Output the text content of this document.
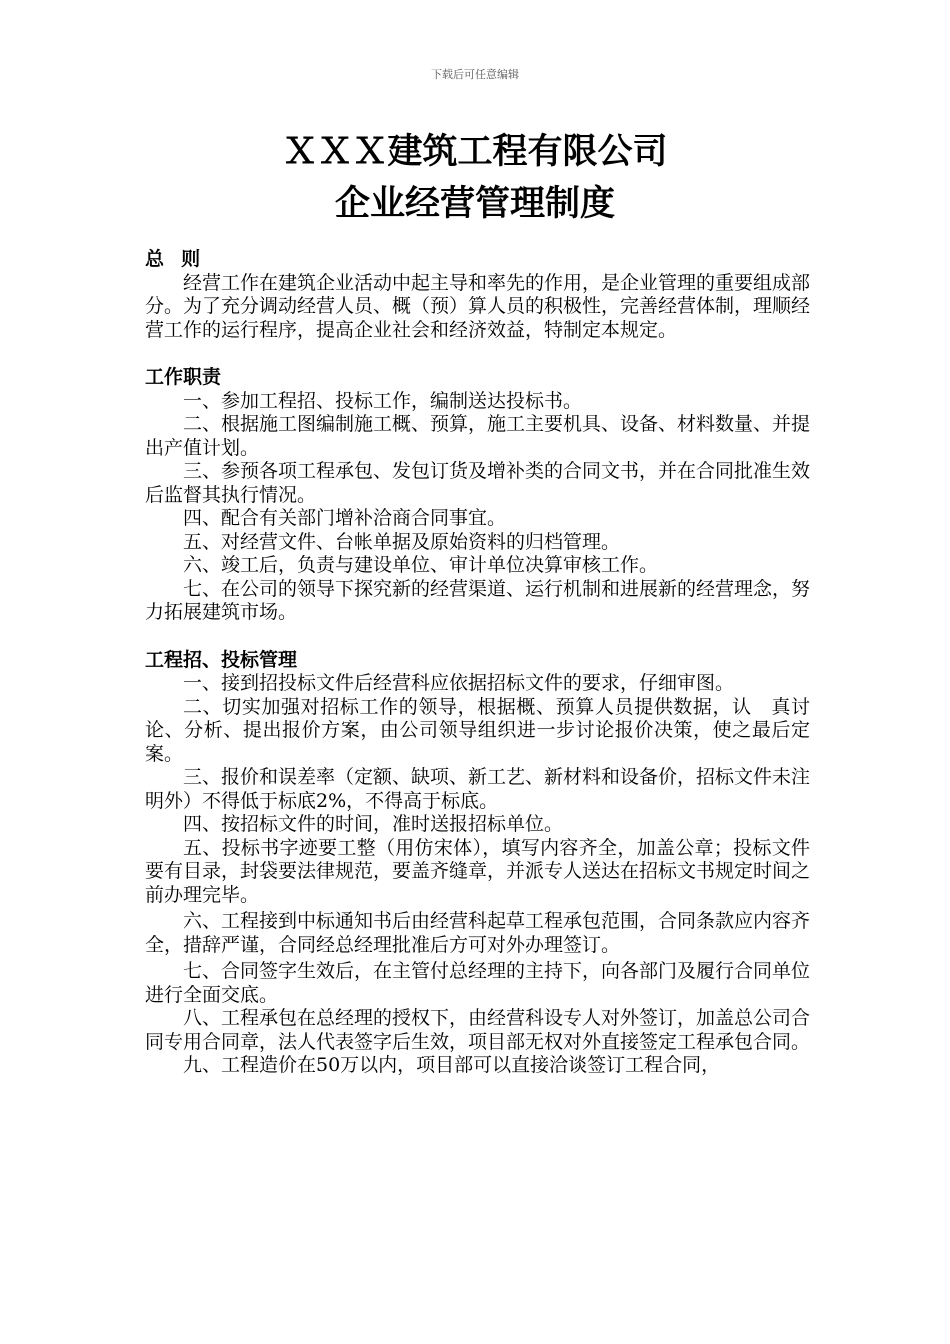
下载后可任意编辑
ＸＸＸ建筑工程有限公司
企业经营管理制度
总则

经营工作在建筑企业活动中起主导和率先的作用，是企业管理的重要组成部分。为了充分调动经营人员、概（预）算人员的积极性，完善经营体制，理顺经营工作的运行程序，提高企业社会和经济效益，特制定本规定。

工作职责

一、参加工程招、投标工作，编制送达投标书。

二、根据施工图编制施工概、预算，施工主要机具、设备、材料数量、并提出产值计划。

三、参预各项工程承包、发包订货及增补类的合同文书，并在合同批准生效后监督其执行情况。

四、配合有关部门增补洽商合同事宜。

五、对经营文件、台帐单据及原始资料的归档管理。

六、竣工后，负责与建设单位、审计单位决算审核工作。

七、在公司的领导下探究新的经营渠道、运行机制和进展新的经营理念，努力拓展建筑市场。

工程招、投标管理

一、接到招投标文件后经营科应依据招标文件的要求，仔细审图。

二、切实加强对招标工作的领导，根据概、预算人员提供数据，认　真讨论、分析、提出报价方案，由公司领导组织进一步讨论报价决策，使之最后定案。

三、报价和误差率（定额、缺项、新工艺、新材料和设备价，招标文件未注明外）不得低于标底2%，不得高于标底。

四、按招标文件的时间，准时送报招标单位。

五、投标书字迹要工整（用仿宋体），填写内容齐全，加盖公章；投标文件要有目录，封袋要法律规范，要盖齐缝章，并派专人送达在招标文书规定时间之前办理完毕。

六、工程接到中标通知书后由经营科起草工程承包范围，合同条款应内容齐全，措辞严谨，合同经总经理批准后方可对外办理签订。

七、合同签字生效后，在主管付总经理的主持下，向各部门及履行合同单位进行全面交底。

八、工程承包在总经理的授权下，由经营科设专人对外签订，加盖总公司合同专用合同章，法人代表签字后生效，项目部无权对外直接签定工程承包合同。

九、工程造价在50万以内，项目部可以直接洽谈签订工程合同，
